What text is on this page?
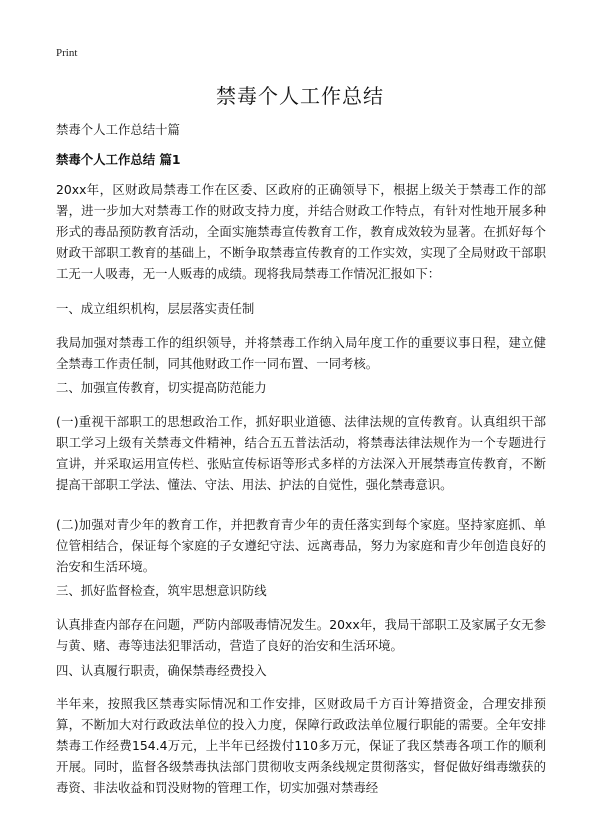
Print
禁毒个人工作总结
禁毒个人工作总结十篇
禁毒个人工作总结 篇1

20xx年，区财政局禁毒工作在区委、区政府的正确领导下，根据上级关于禁毒工作的部署，进一步加大对禁毒工作的财政支持力度，并结合财政工作特点，有针对性地开展多种形式的毒品预防教育活动，全面实施禁毒宣传教育工作，教育成效较为显著。在抓好每个财政干部职工教育的基础上，不断争取禁毒宣传教育的工作实效，实现了全局财政干部职工无一人吸毒，无一人贩毒的成绩。现将我局禁毒工作情况汇报如下：

一、成立组织机构，层层落实责任制

我局加强对禁毒工作的组织领导，并将禁毒工作纳入局年度工作的重要议事日程，建立健全禁毒工作责任制，同其他财政工作一同布置、一同考核。

二、加强宣传教育，切实提高防范能力

(一)重视干部职工的思想政治工作，抓好职业道德、法律法规的宣传教育。认真组织干部职工学习上级有关禁毒文件精神，结合五五普法活动，将禁毒法律法规作为一个专题进行宣讲，并采取运用宣传栏、张贴宣传标语等形式多样的方法深入开展禁毒宣传教育，不断提高干部职工学法、懂法、守法、用法、护法的自觉性，强化禁毒意识。

(二)加强对青少年的教育工作，并把教育青少年的责任落实到每个家庭。坚持家庭抓、单位管相结合，保证每个家庭的子女遵纪守法、远离毒品，努力为家庭和青少年创造良好的治安和生活环境。

三、抓好监督检查，筑牢思想意识防线

认真排查内部存在问题，严防内部吸毒情况发生。20xx年，我局干部职工及家属子女无参与黄、赌、毒等违法犯罪活动，营造了良好的治安和生活环境。

四、认真履行职责，确保禁毒经费投入

半年来，按照我区禁毒实际情况和工作安排，区财政局千方百计筹措资金，合理安排预算，不断加大对行政政法单位的投入力度，保障行政政法单位履行职能的需要。全年安排禁毒工作经费154.4万元，上半年已经拨付110多万元，保证了我区禁毒各项工作的顺利开展。同时，监督各级禁毒执法部门贯彻收支两条线规定贯彻落实，督促做好缉毒缴获的毒资、非法收益和罚没财物的管理工作，切实加强对禁毒经
